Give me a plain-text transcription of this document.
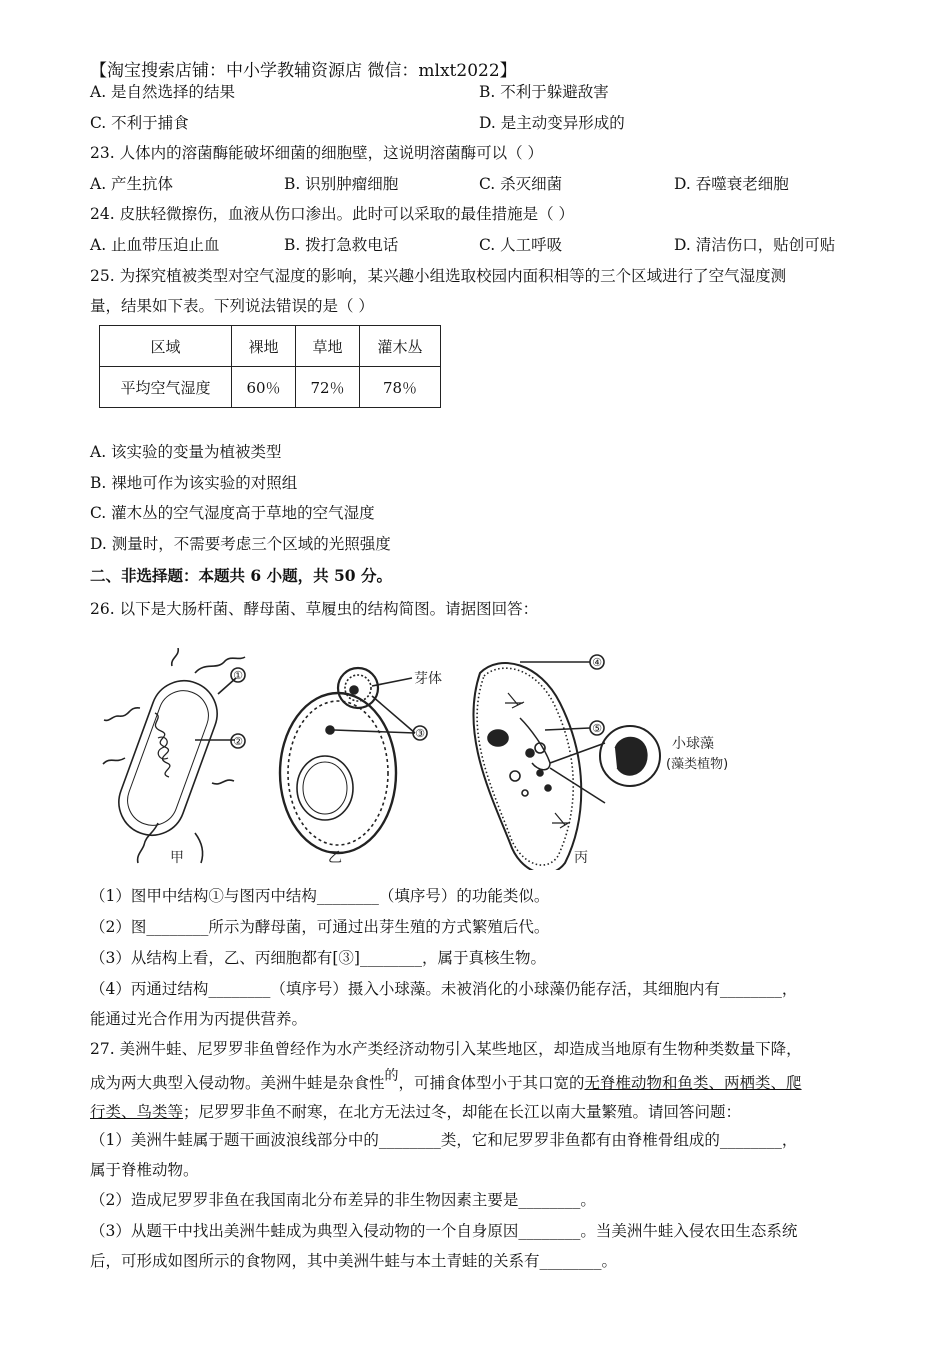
【淘宝搜索店铺：中小学教辅资源店 微信：mlxt2022】
A. 是自然选择的结果	B. 不利于躲避敌害
C. 不利于捕食	D. 是主动变异形成的
23. 人体内的溶菌酶能破坏细菌的细胞壁，这说明溶菌酶可以（ ）
A. 产生抗体	B. 识别肿瘤细胞	C. 杀灭细菌	D. 吞噬衰老细胞
24. 皮肤轻微擦伤，血液从伤口渗出。此时可以采取的最佳措施是（ ）
A. 止血带压迫止血	B. 拨打急救电话	C. 人工呼吸	D. 清洁伤口，贴创可贴
25. 为探究植被类型对空气湿度的影响，某兴趣小组选取校园内面积相等的三个区域进行了空气湿度测
量，结果如下表。下列说法错误的是（ ）
区域	裸地	草地	灌木丛
平均空气湿度	60％	72％	78％
A. 该实验的变量为植被类型
B. 裸地可作为该实验的对照组
C. 灌木丛的空气湿度高于草地的空气湿度
D. 测量时，不需要考虑三个区域的光照强度
二、非选择题：本题共 6 小题，共 50 分。
26. 以下是大肠杆菌、酵母菌、草履虫的结构简图。请据图回答：
①
②
③
④
⑤
芽体
小球藻
(藻类植物)
甲	乙	丙
（1）图甲中结构①与图丙中结构________（填序号）的功能类似。
（2）图________所示为酵母菌，可通过出芽生殖的方式繁殖后代。
（3）从结构上看，乙、丙细胞都有[③]________，属于真核生物。
（4）丙通过结构________（填序号）摄入小球藻。未被消化的小球藻仍能存活，其细胞内有________，
能通过光合作用为丙提供营养。
27. 美洲牛蛙、尼罗罗非鱼曾经作为水产类经济动物引入某些地区，却造成当地原有生物种类数量下降，
成为两大典型入侵动物。美洲牛蛙是杂食性的，可捕食体型小于其口宽的无脊椎动物和鱼类、两栖类、爬
行类、鸟类等；尼罗罗非鱼不耐寒，在北方无法过冬，却能在长江以南大量繁殖。请回答问题：
（1）美洲牛蛙属于题干画波浪线部分中的________类，它和尼罗罗非鱼都有由脊椎骨组成的________，
属于脊椎动物。
（2）造成尼罗罗非鱼在我国南北分布差异的非生物因素主要是________。
（3）从题干中找出美洲牛蛙成为典型入侵动物的一个自身原因________。当美洲牛蛙入侵农田生态系统
后，可形成如图所示的食物网，其中美洲牛蛙与本土青蛙的关系有________。
